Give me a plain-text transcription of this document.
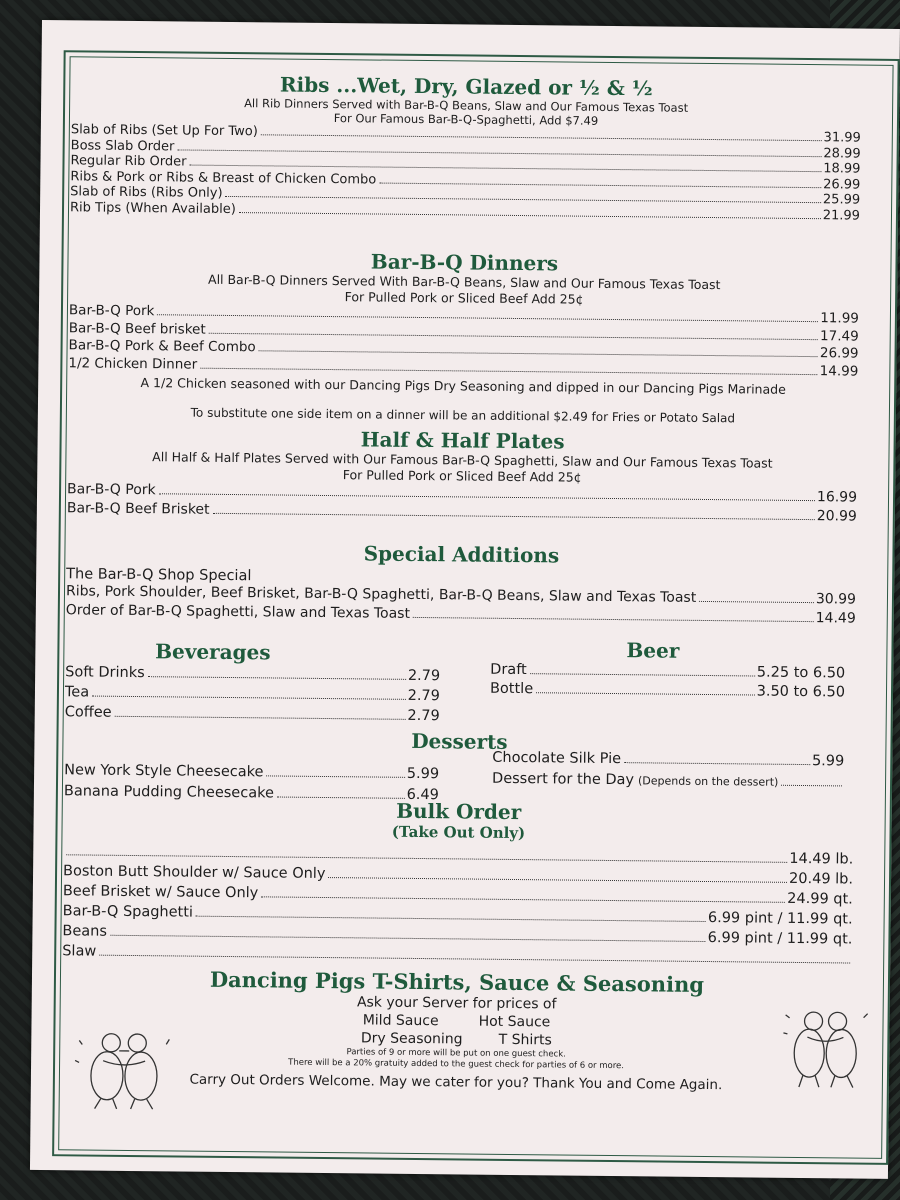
Ribs ...Wet, Dry, Glazed or ½ & ½
All Rib Dinners Served with Bar-B-Q Beans, Slaw and Our Famous Texas Toast
For Our Famous Bar-B-Q-Spaghetti, Add $7.49
Slab of Ribs (Set Up For Two)	31.99
Boss Slab Order	28.99
Regular Rib Order	18.99
Ribs & Pork or Ribs & Breast of Chicken Combo	26.99
Slab of Ribs (Ribs Only)	25.99
Rib Tips (When Available)	21.99
Bar-B-Q Dinners
All Bar-B-Q Dinners Served With Bar-B-Q Beans, Slaw and Our Famous Texas Toast
For Pulled Pork or Sliced Beef Add 25¢
Bar-B-Q Pork	11.99
Bar-B-Q Beef brisket	17.49
Bar-B-Q Pork & Beef Combo	26.99
1/2 Chicken Dinner	14.99
A 1/2 Chicken seasoned with our Dancing Pigs Dry Seasoning and dipped in our Dancing Pigs Marinade
To substitute one side item on a dinner will be an additional $2.49 for Fries or Potato Salad
Half & Half Plates
All Half & Half Plates Served with Our Famous Bar-B-Q Spaghetti, Slaw and Our Famous Texas Toast
For Pulled Pork or Sliced Beef Add 25¢
Bar-B-Q Pork	16.99
Bar-B-Q Beef Brisket	20.99
Special Additions
The Bar-B-Q Shop Special
Ribs, Pork Shoulder, Beef Brisket, Bar-B-Q Spaghetti, Bar-B-Q Beans, Slaw and Texas Toast	30.99
Order of Bar-B-Q Spaghetti, Slaw and Texas Toast	14.49
Beverages
Soft Drinks	2.79
Tea	2.79
Coffee	2.79
Beer
Draft	5.25 to 6.50
Bottle	3.50 to 6.50
Desserts
New York Style Cheesecake	5.99
Banana Pudding Cheesecake	6.49
Chocolate Silk Pie	5.99
Dessert for the Day (Depends on the dessert)
Bulk Order
(Take Out Only)
14.49 lb.
Boston Butt Shoulder w/ Sauce Only	20.49 lb.
Beef Brisket w/ Sauce Only	24.99 qt.
Bar-B-Q Spaghetti	6.99 pint / 11.99 qt.
Beans	6.99 pint / 11.99 qt.
Slaw
Dancing Pigs T-Shirts, Sauce & Seasoning
Ask your Server for prices of
Mild Sauce	Hot Sauce
Dry Seasoning	T Shirts
Parties of 9 or more will be put on one guest check.
There will be a 20% gratuity added to the guest check for parties of 6 or more.
Carry Out Orders Welcome. May we cater for you? Thank You and Come Again.
